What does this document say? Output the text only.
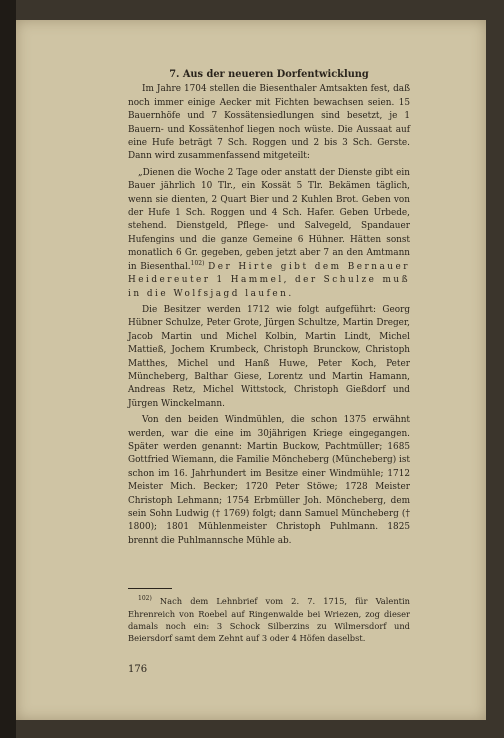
7. Aus der neueren Dorfentwicklung

Im Jahre 1704 stellen die Biesenthaler Amtsakten fest, daß noch immer einige Aecker mit Fichten bewachsen seien. 15 Bauernhöfe und 7 Kossätensiedlungen sind besetzt, je 1 Bauern- und Kossätenhof liegen noch wüste. Die Aussaat auf eine Hufe beträgt 7 Sch. Roggen und 2 bis 3 Sch. Gerste. Dann wird zusammenfassend mitgeteilt:

„Dienen die Woche 2 Tage oder anstatt der Dienste gibt ein Bauer jährlich 10 Tlr., ein Kossät 5 Tlr. Bekämen täglich, wenn sie dienten, 2 Quart Bier und 2 Kuhlen Brot. Geben von der Hufe 1 Sch. Roggen und 4 Sch. Hafer. Geben Urbede, stehend. Dienstgeld, Pflege- und Salvegeld, Spandauer Hufengins und die ganze Gemeine 6 Hühner. Hätten sonst monatlich 6 Gr. gegeben, geben jetzt aber 7 an den Amtmann in Biesenthal.$^{102)}$ Der Hirte gibt dem Bernauer Heidereuter 1 Hammel, der Schulze muß in die Wolfsjagd laufen.

Die Besitzer werden 1712 wie folgt aufgeführt: Georg Hübner Schulze, Peter Grote, Jürgen Schultze, Martin Dreger, Jacob Martin und Michel Kolbin, Martin Lindt, Michel Mattieß, Jochem Krumbeck, Christoph Brunckow, Christoph Matthes, Michel und Hanß Huwe, Peter Koch, Peter Müncheberg, Balthar Giese, Lorentz und Martin Hamann, Andreas Retz, Michel Wittstock, Christoph Gießdorf und Jürgen Winckelmann.

Von den beiden Windmühlen, die schon 1375 erwähnt werden, war die eine im 30jährigen Kriege eingegangen. Später werden genannt: Martin Buckow, Pachtmüller; 1685 Gottfried Wiemann, die Familie Möncheberg (Müncheberg) ist schon im 16. Jahrhundert im Besitze einer Windmühle; 1712 Meister Mich. Becker; 1720 Peter Stöwe; 1728 Meister Christoph Lehmann; 1754 Erbmüller Joh. Möncheberg, dem sein Sohn Ludwig († 1769) folgt; dann Samuel Müncheberg († 1800); 1801 Mühlenmeister Christoph Puhlmann. 1825 brennt die Puhlmannsche Mühle ab.

$^{102)}$ Nach dem Lehnbrief vom 2. 7. 1715, für Valentin Ehrenreich von Roebel auf Ringenwalde bei Wriezen, zog dieser damals noch ein: 3 Schock Silberzins zu Wilmersdorf und Beiersdorf samt dem Zehnt auf 3 oder 4 Höfen daselbst.

176
